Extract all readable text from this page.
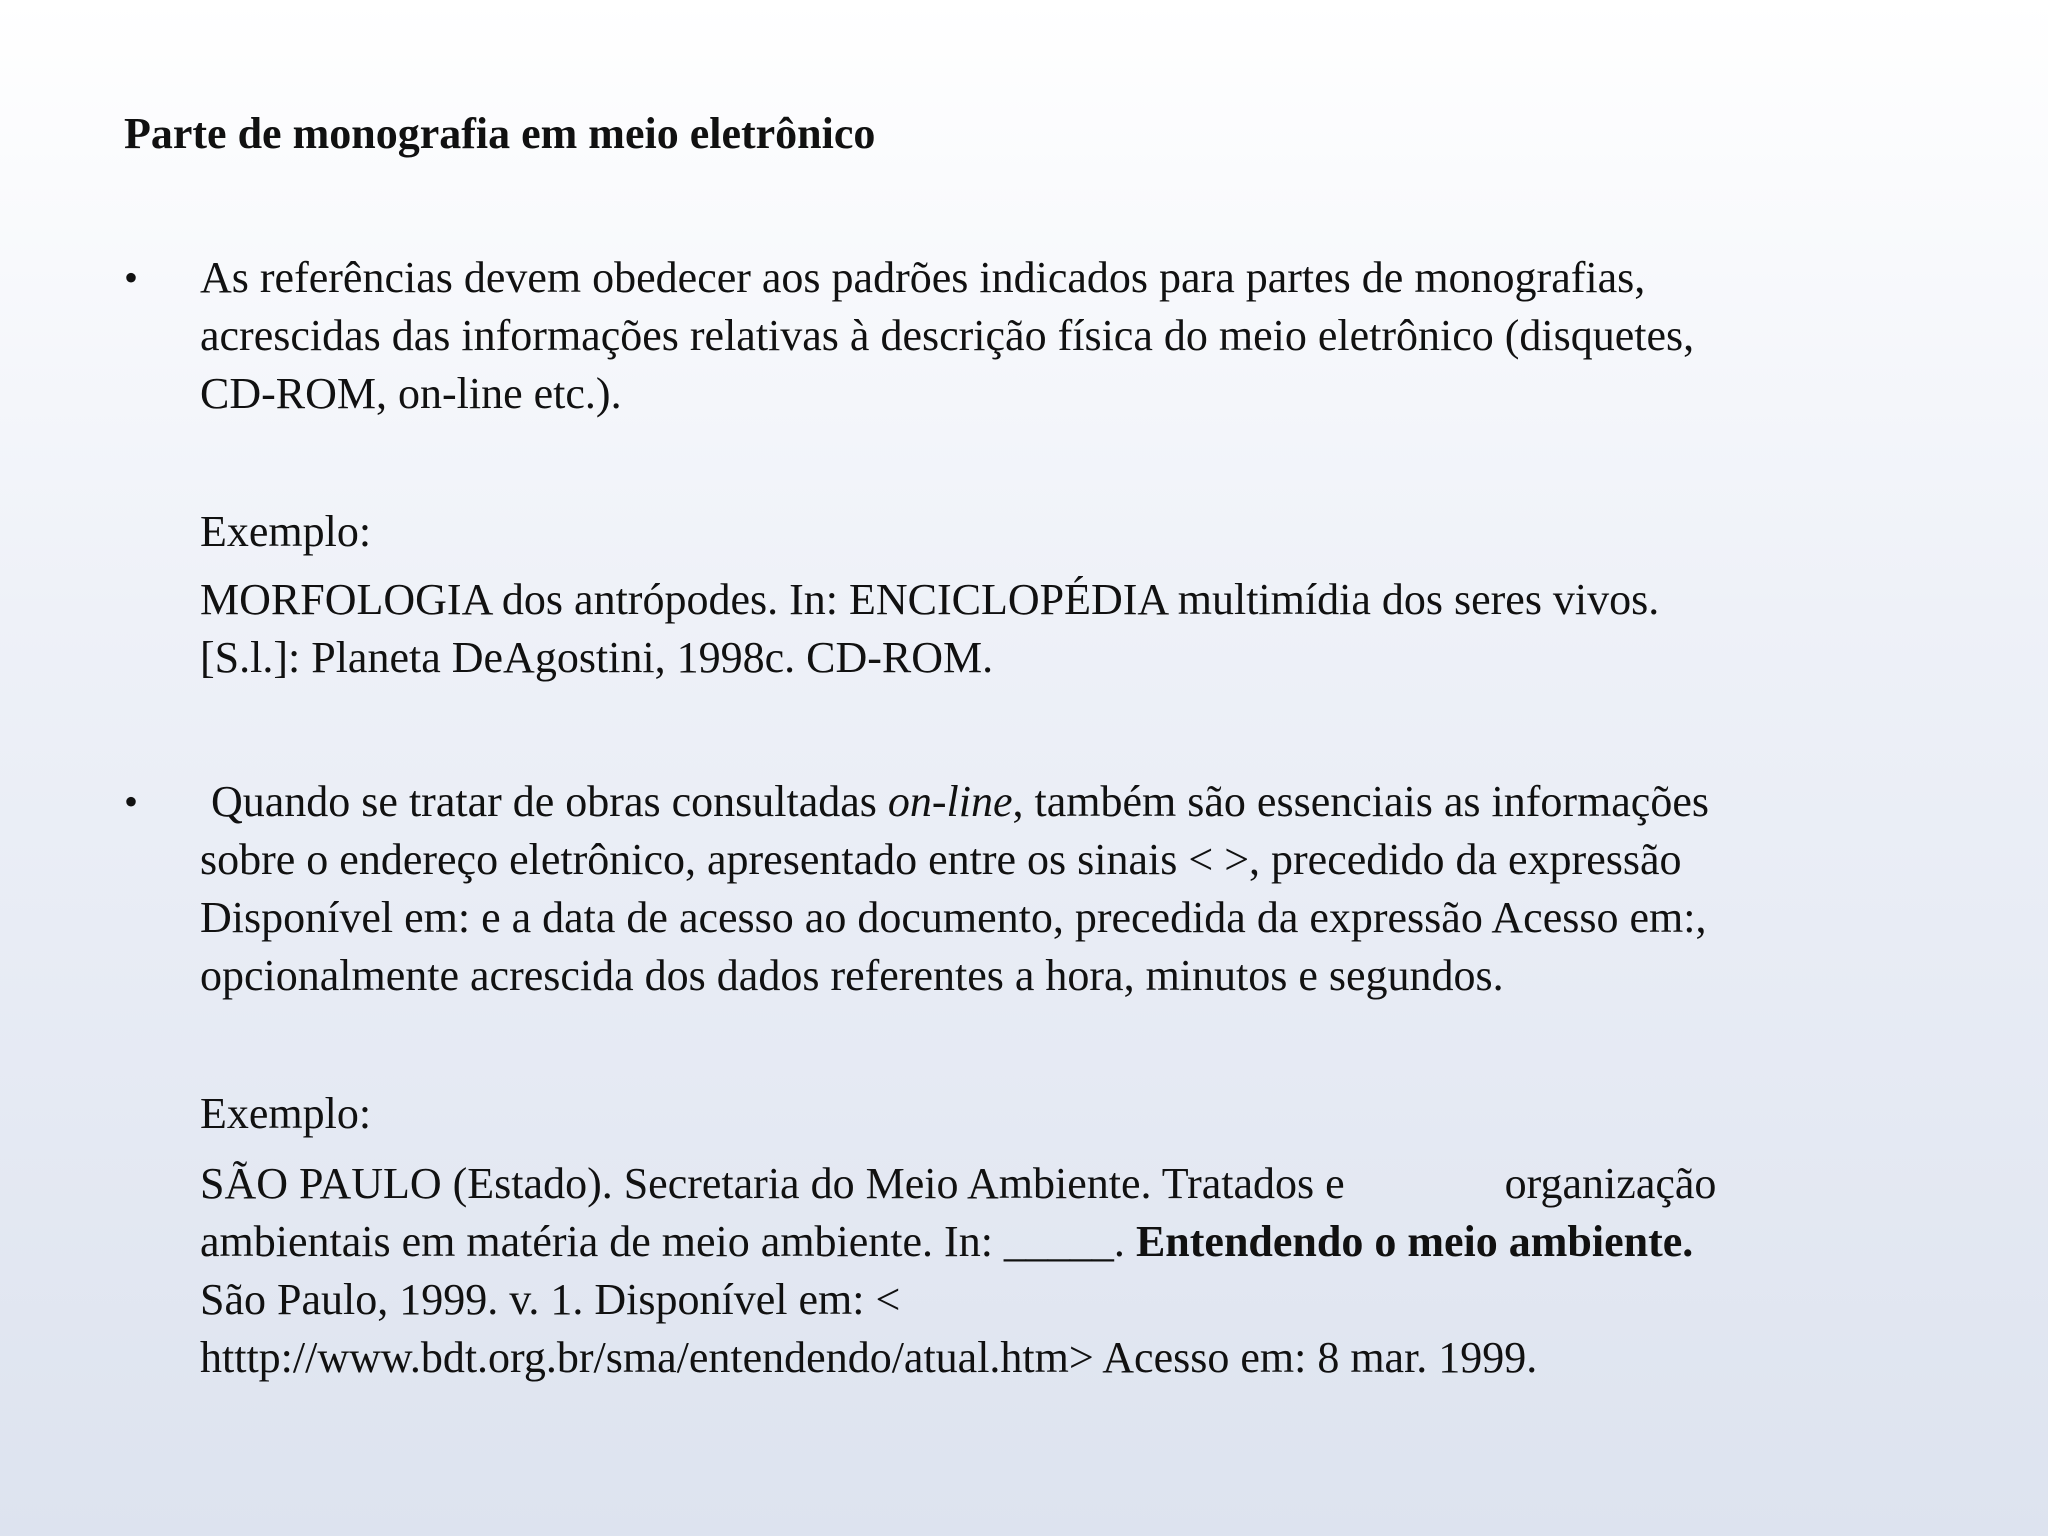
Parte de monografia em meio eletrônico
• As referências devem obedecer aos padrões indicados para partes de monografias,
acrescidas das informações relativas à descrição física do meio eletrônico (disquetes,
CD-ROM, on-line etc.).
Exemplo:
MORFOLOGIA dos antrópodes. In: ENCICLOPÉDIA multimídia dos seres vivos.
[S.l.]: Planeta DeAgostini, 1998c. CD-ROM.
• Quando se tratar de obras consultadas on-line, também são essenciais as informações
sobre o endereço eletrônico, apresentado entre os sinais < >, precedido da expressão
Disponível em: e a data de acesso ao documento, precedida da expressão Acesso em:,
opcionalmente acrescida dos dados referentes a hora, minutos e segundos.
Exemplo:
SÃO PAULO (Estado). Secretaria do Meio Ambiente. Tratados e	organização
ambientais em matéria de meio ambiente. In: _____. Entendendo o meio ambiente.
São Paulo, 1999. v. 1. Disponível em: <
htttp://www.bdt.org.br/sma/entendendo/atual.htm> Acesso em: 8 mar. 1999.
